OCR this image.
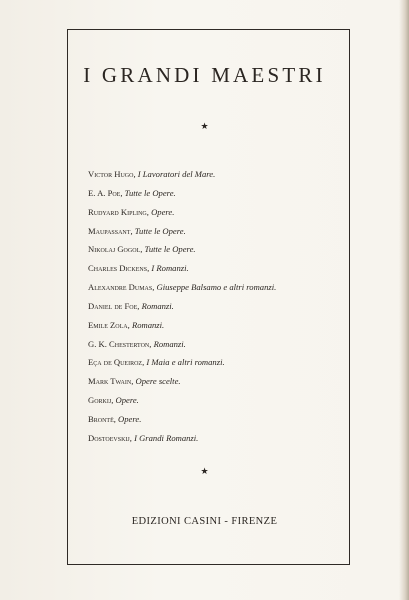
I GRANDI MAESTRI
★
Victor Hugo, I Lavoratori del Mare.
E. A. Poe, Tutte le Opere.
Rudyard Kipling, Opere.
Maupassant, Tutte le Opere.
Nikolaj Gogol, Tutte le Opere.
Charles Dickens, I Romanzi.
Alexandre Dumas, Giuseppe Balsamo e altri romanzi.
Daniel de Foe, Romanzi.
Emile Zola, Romanzi.
G. K. Chesterton, Romanzi.
Eça de Queiroz, I Maia e altri romanzi.
Mark Twain, Opere scelte.
Gorkij, Opere.
Brontë, Opere.
Dostoevskij, I Grandi Romanzi.
★
EDIZIONI CASINI - FIRENZE
